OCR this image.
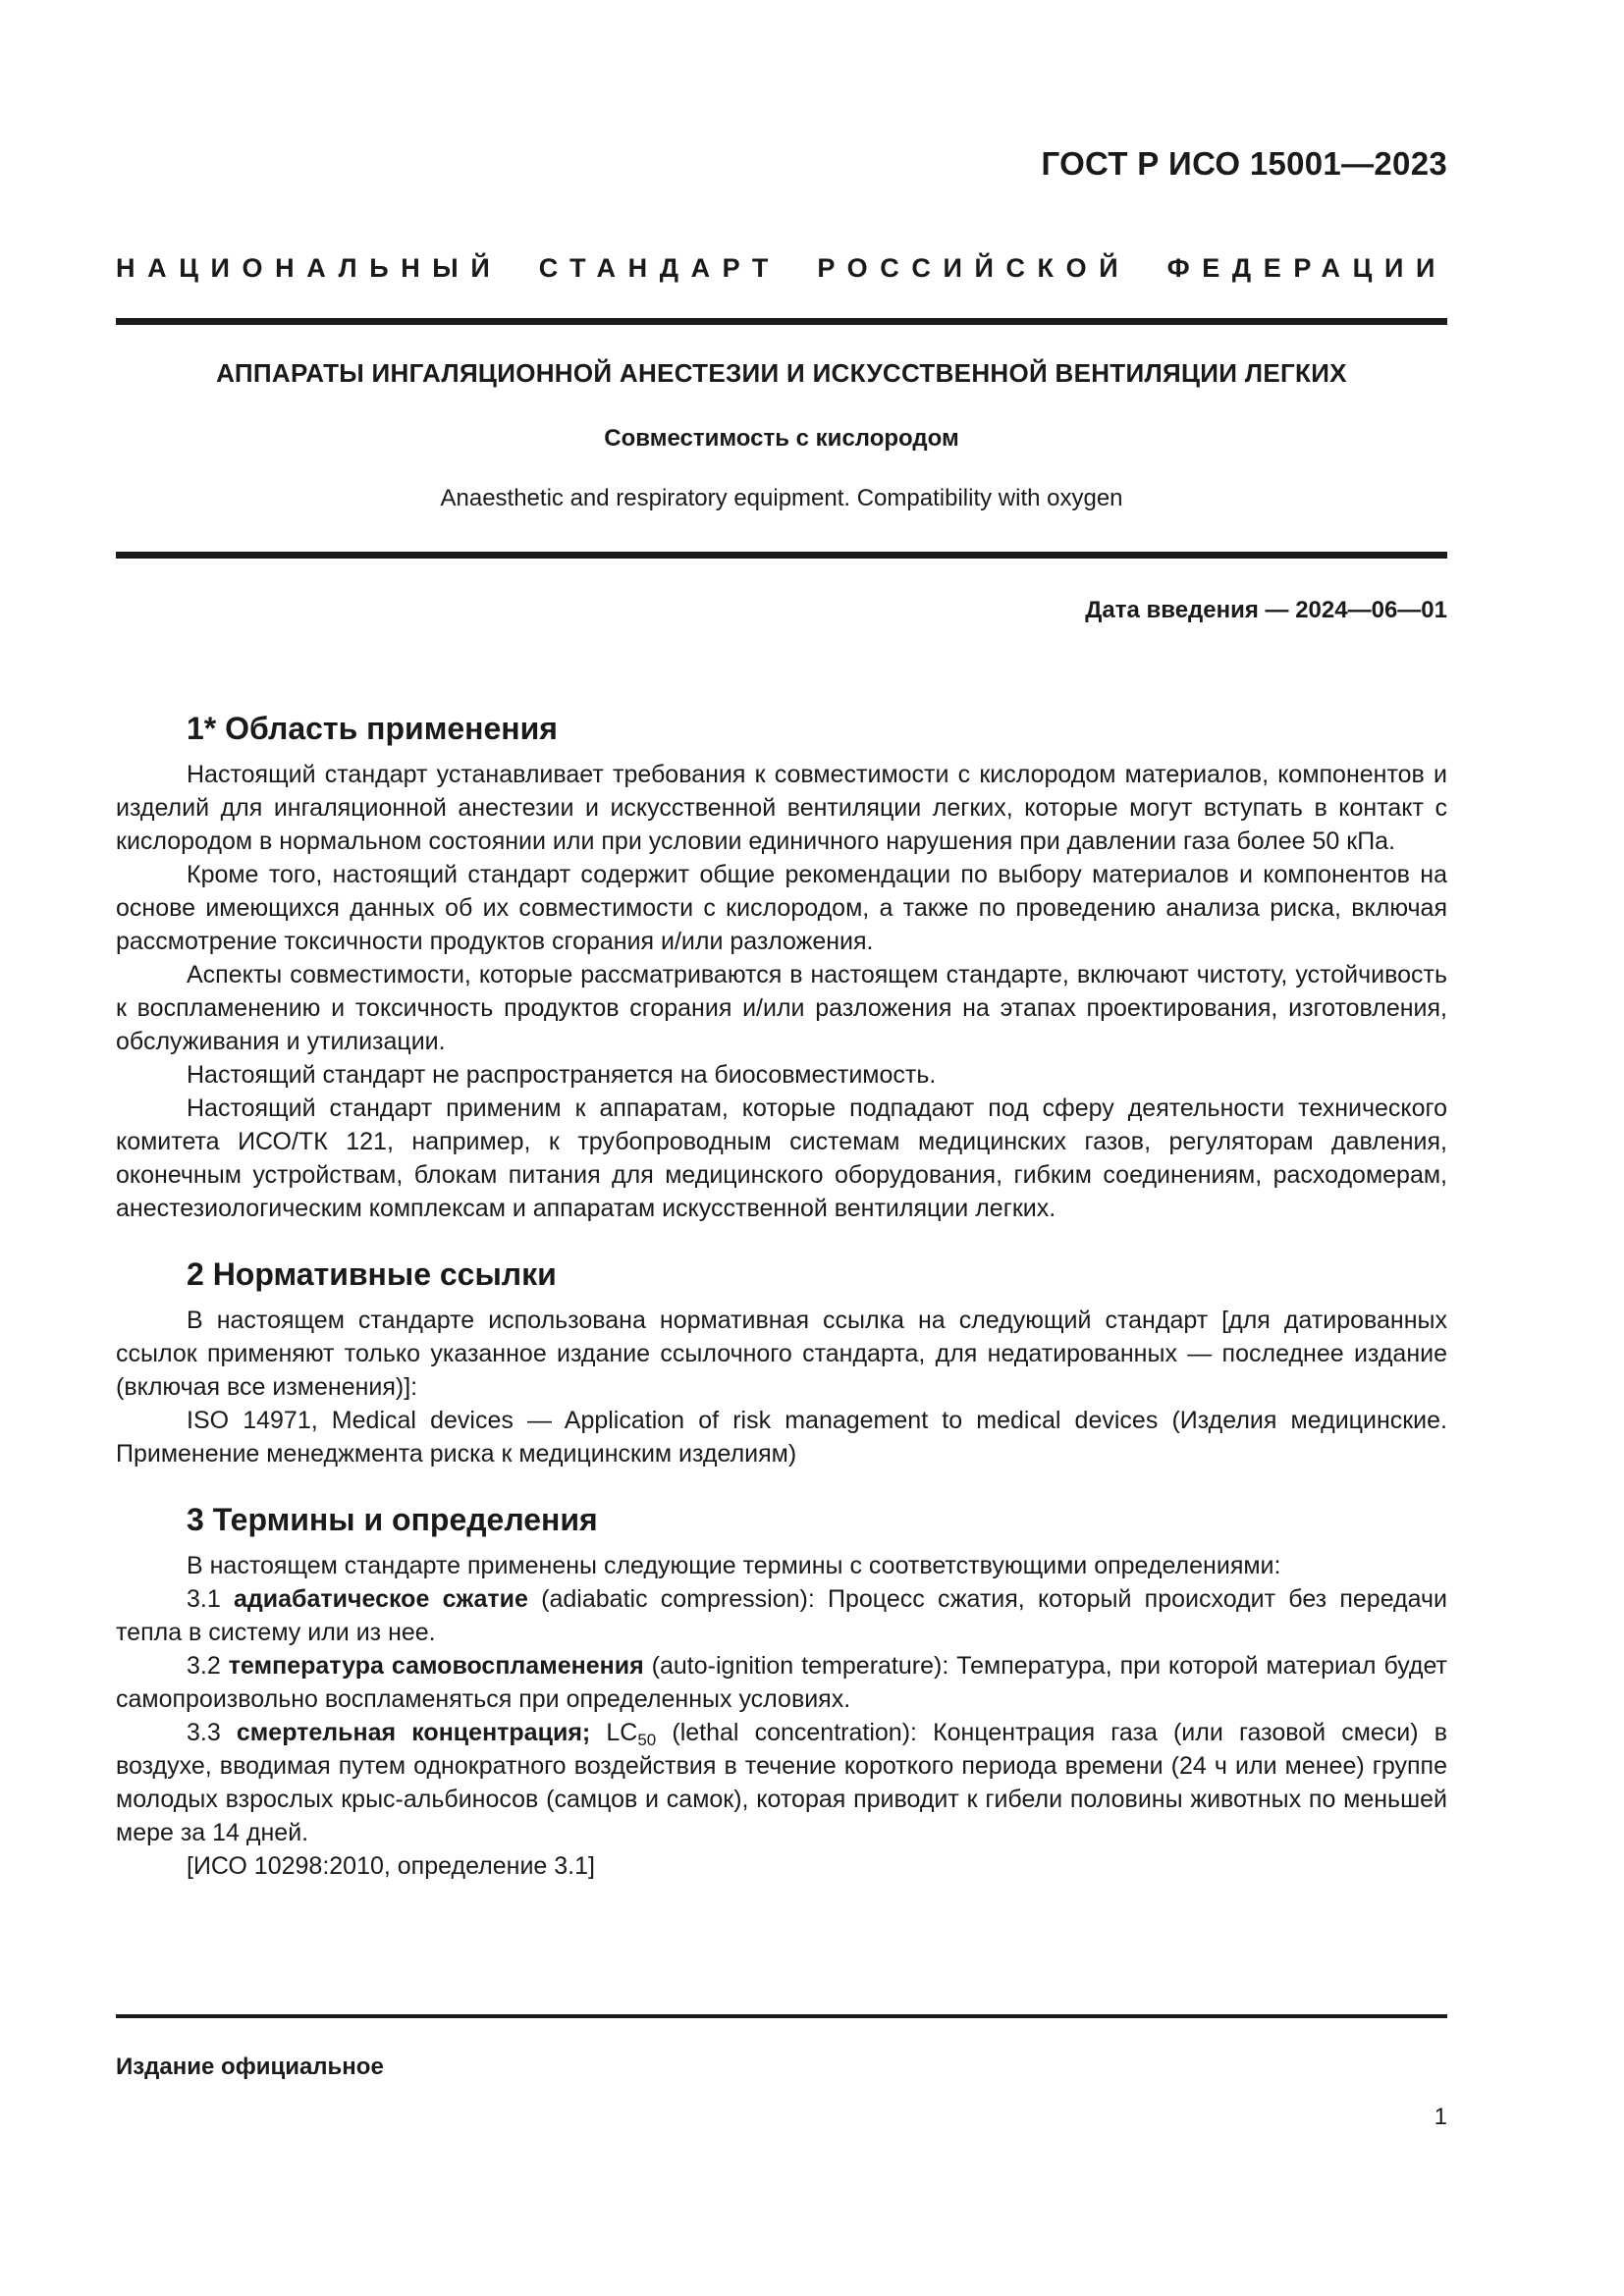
ГОСТ Р ИСО 15001—2023
НАЦИОНАЛЬНЫЙ СТАНДАРТ РОССИЙСКОЙ ФЕДЕРАЦИИ
АППАРАТЫ ИНГАЛЯЦИОННОЙ АНЕСТЕЗИИ И ИСКУССТВЕННОЙ ВЕНТИЛЯЦИИ ЛЕГКИХ
Совместимость с кислородом
Anaesthetic and respiratory equipment. Compatibility with oxygen
Дата введения — 2024—06—01
1* Область применения

Настоящий стандарт устанавливает требования к совместимости с кислородом материалов, компонентов и изделий для ингаляционной анестезии и искусственной вентиляции легких, которые могут вступать в контакт с кислородом в нормальном состоянии или при условии единичного нарушения при давлении газа более 50 кПа.

Кроме того, настоящий стандарт содержит общие рекомендации по выбору материалов и компонентов на основе имеющихся данных об их совместимости с кислородом, а также по проведению анализа риска, включая рассмотрение токсичности продуктов сгорания и/или разложения.

Аспекты совместимости, которые рассматриваются в настоящем стандарте, включают чистоту, устойчивость к воспламенению и токсичность продуктов сгорания и/или разложения на этапах проектирования, изготовления, обслуживания и утилизации.

Настоящий стандарт не распространяется на биосовместимость.

Настоящий стандарт применим к аппаратам, которые подпадают под сферу деятельности технического комитета ИСО/ТК 121, например, к трубопроводным системам медицинских газов, регуляторам давления, оконечным устройствам, блокам питания для медицинского оборудования, гибким соединениям, расходомерам, анестезиологическим комплексам и аппаратам искусственной вентиляции легких.

2 Нормативные ссылки

В настоящем стандарте использована нормативная ссылка на следующий стандарт [для датированных ссылок применяют только указанное издание ссылочного стандарта, для недатированных — последнее издание (включая все изменения)]:

ISO 14971, Medical devices — Application of risk management to medical devices (Изделия медицинские. Применение менеджмента риска к медицинским изделиям)

3 Термины и определения

В настоящем стандарте применены следующие термины с соответствующими определениями:

3.1 адиабатическое сжатие (adiabatic compression): Процесс сжатия, который происходит без передачи тепла в систему или из нее.

3.2 температура самовоспламенения (auto-ignition temperature): Температура, при которой материал будет самопроизвольно воспламеняться при определенных условиях.

3.3 смертельная концентрация; $LC_{50}$ (lethal concentration): Концентрация газа (или газовой смеси) в воздухе, вводимая путем однократного воздействия в течение короткого периода времени (24 ч или менее) группе молодых взрослых крыс-альбиносов (самцов и самок), которая приводит к гибели половины животных по меньшей мере за 14 дней.

[ИСО 10298:2010, определение 3.1]

Издание официальное
1
